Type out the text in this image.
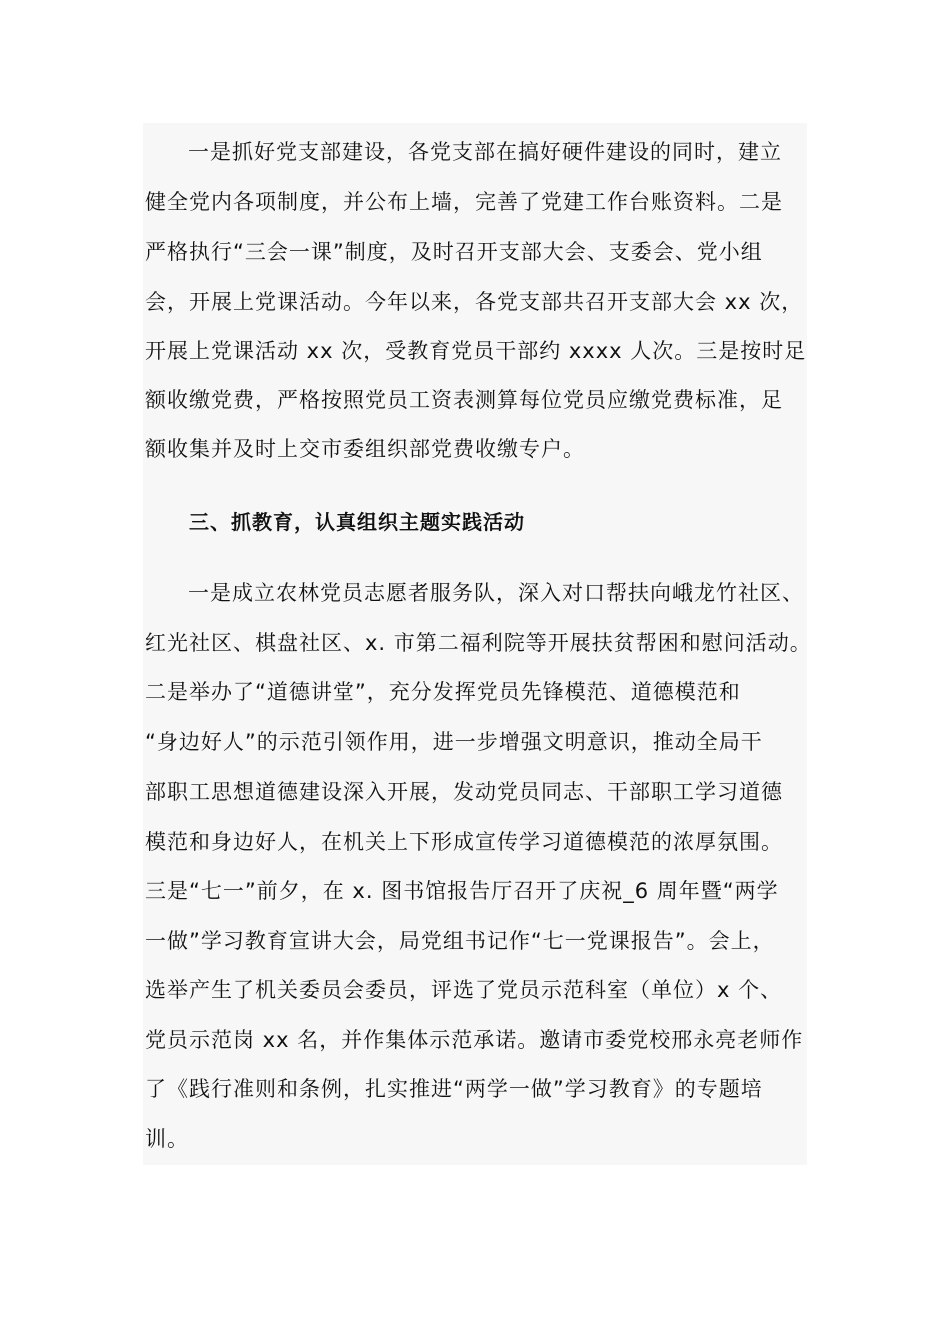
一是抓好党支部建设，各党支部在搞好硬件建设的同时，建立
健全党内各项制度，并公布上墙，完善了党建工作台账资料。二是
严格执行“三会一课”制度，及时召开支部大会、支委会、党小组
会，开展上党课活动。今年以来，各党支部共召开支部大会 xx 次，
开展上党课活动 xx 次，受教育党员干部约 xxxx 人次。三是按时足
额收缴党费，严格按照党员工资表测算每位党员应缴党费标准，足
额收集并及时上交市委组织部党费收缴专户。
三、抓教育，认真组织主题实践活动
一是成立农林党员志愿者服务队，深入对口帮扶向峨龙竹社区、
红光社区、棋盘社区、x. 市第二福利院等开展扶贫帮困和慰问活动。
二是举办了“道德讲堂”，充分发挥党员先锋模范、道德模范和
“身边好人”的示范引领作用，进一步增强文明意识，推动全局干
部职工思想道德建设深入开展，发动党员同志、干部职工学习道德
模范和身边好人，在机关上下形成宣传学习道德模范的浓厚氛围。
三是“七一”前夕，在 x. 图书馆报告厅召开了庆祝_6 周年暨“两学
一做”学习教育宣讲大会，局党组书记作“七一党课报告”。会上，
选举产生了机关委员会委员，评选了党员示范科室（单位）x 个、
党员示范岗 xx 名，并作集体示范承诺。邀请市委党校邢永亮老师作
了《践行准则和条例，扎实推进“两学一做”学习教育》的专题培
训。
